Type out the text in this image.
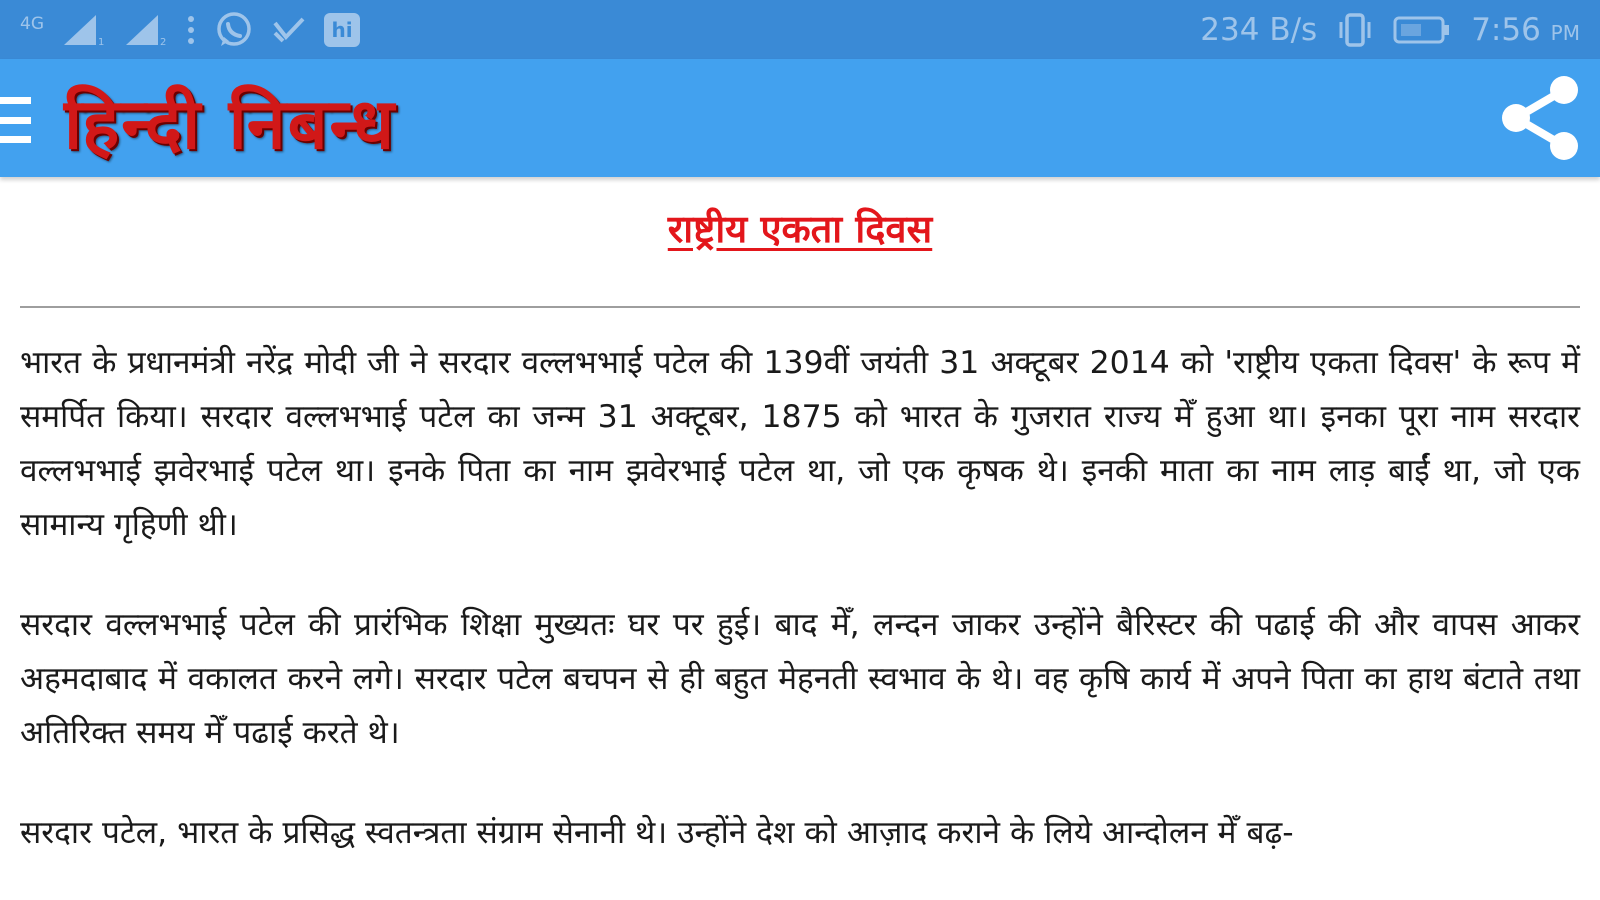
4G
1	2
hi	234 B/s	7:56 PM
हिन्दी निबन्ध
राष्ट्रीय एकता दिवस

भारत के प्रधानमंत्री नरेंद्र मोदी जी ने सरदार वल्लभभाई पटेल की 139वीं जयंती 31 अक्टूबर 2014 को 'राष्ट्रीय एकता दिवस' के रूप में समर्पित किया। सरदार वल्लभभाई पटेल का जन्म 31 अक्टूबर, 1875 को भारत के गुजरात राज्य मेँ हुआ था। इनका पूरा नाम सरदार वल्लभभाई झवेरभाई पटेल था। इनके पिता का नाम झवेरभाई पटेल था, जो एक कृषक थे। इनकी माता का नाम लाड़ बाईं था, जो एक सामान्य गृहिणी थी।

सरदार वल्लभभाई पटेल की प्रारंभिक शिक्षा मुख्यतः घर पर हुई। बाद मेँ, लन्दन जाकर उन्होंने बैरिस्टर की पढाई की और वापस आकर अहमदाबाद में वकालत करने लगे। सरदार पटेल बचपन से ही बहुत मेहनती स्वभाव के थे। वह कृषि कार्य में अपने पिता का हाथ बंटाते तथा अतिरिक्त समय मेँ पढाई करते थे।

सरदार पटेल, भारत के प्रसिद्ध स्वतन्त्रता संग्राम सेनानी थे। उन्होंने देश को आज़ाद कराने के लिये आन्दोलन मेँ बढ़-
